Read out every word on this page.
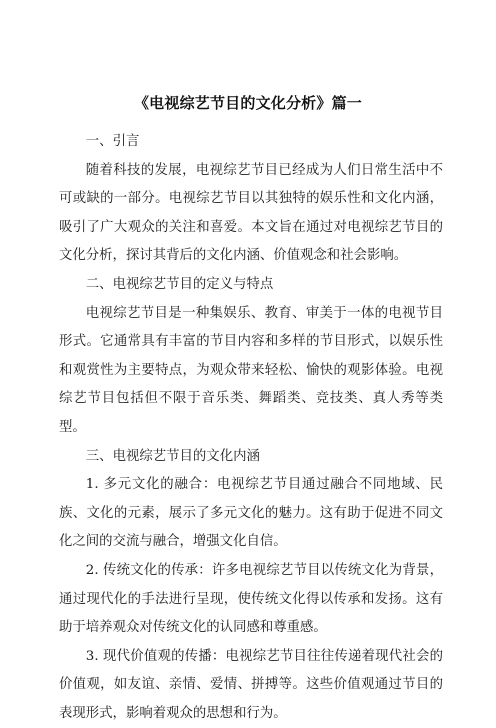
《电视综艺节目的文化分析》篇一

一、引言

随着科技的发展，电视综艺节目已经成为人们日常生活中不可或缺的一部分。电视综艺节目以其独特的娱乐性和文化内涵，吸引了广大观众的关注和喜爱。本文旨在通过对电视综艺节目的文化分析，探讨其背后的文化内涵、价值观念和社会影响。

二、电视综艺节目的定义与特点

电视综艺节目是一种集娱乐、教育、审美于一体的电视节目形式。它通常具有丰富的节目内容和多样的节目形式，以娱乐性和观赏性为主要特点，为观众带来轻松、愉快的观影体验。电视综艺节目包括但不限于音乐类、舞蹈类、竞技类、真人秀等类型。

三、电视综艺节目的文化内涵

1. 多元文化的融合：电视综艺节目通过融合不同地域、民族、文化的元素，展示了多元文化的魅力。这有助于促进不同文化之间的交流与融合，增强文化自信。

2. 传统文化的传承：许多电视综艺节目以传统文化为背景，通过现代化的手法进行呈现，使传统文化得以传承和发扬。这有助于培养观众对传统文化的认同感和尊重感。

3. 现代价值观的传播：电视综艺节目往往传递着现代社会的价值观，如友谊、亲情、爱情、拼搏等。这些价值观通过节目的表现形式，影响着观众的思想和行为。
